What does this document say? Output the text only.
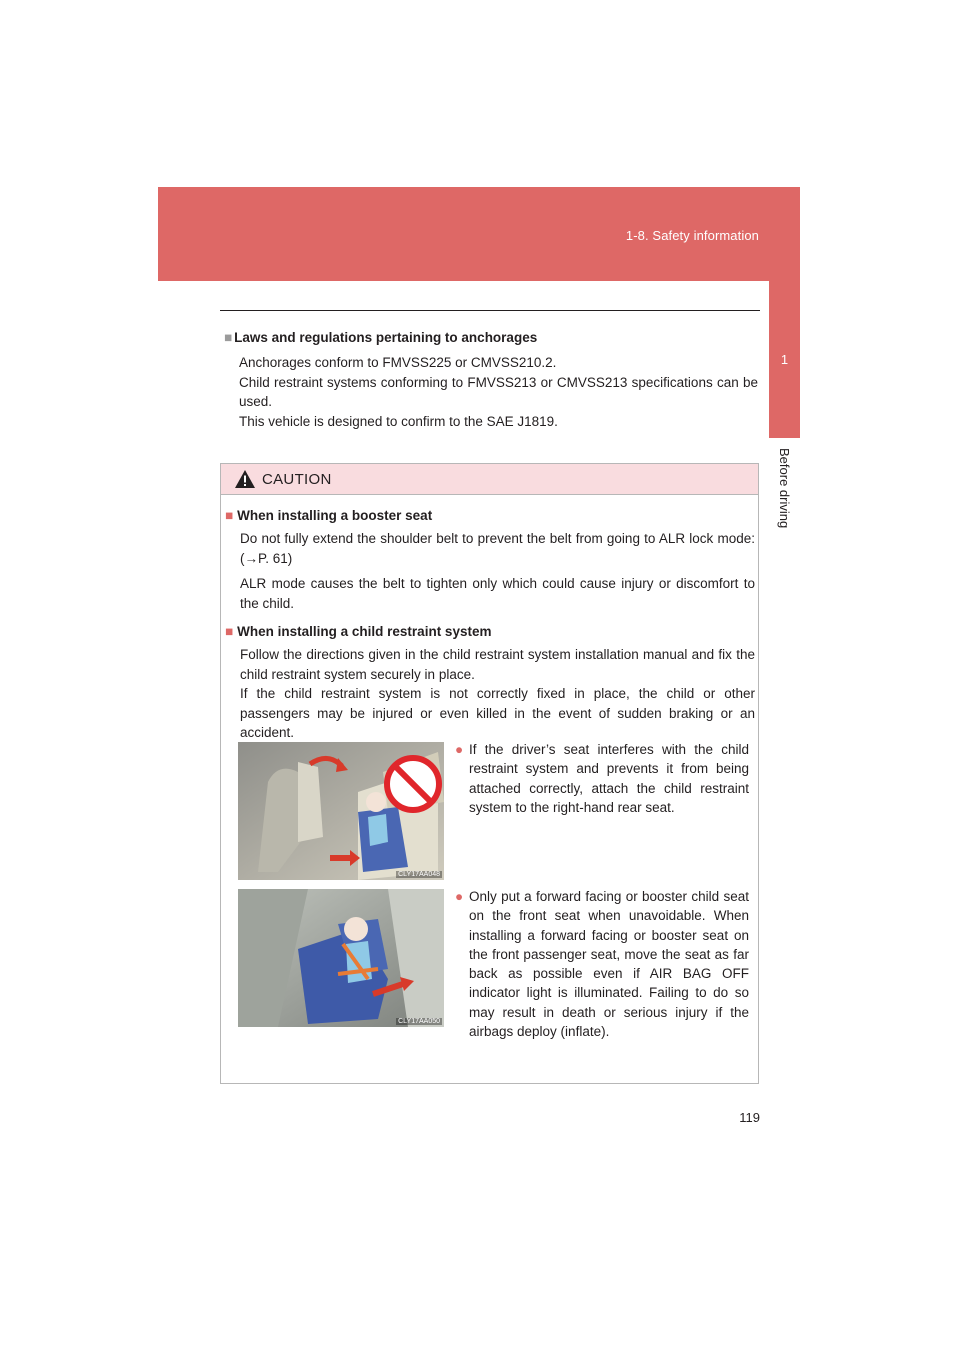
1-8. Safety information
1
Before driving
■ Laws and regulations pertaining to anchorages

Anchorages conform to FMVSS225 or CMVSS210.2.

Child restraint systems conforming to FMVSS213 or CMVSS213 specifications can be used.

This vehicle is designed to confirm to the SAE J1819.

CAUTION
■ When installing a booster seat

Do not fully extend the shoulder belt to prevent the belt from going to ALR lock mode: (→P. 61)

ALR mode causes the belt to tighten only which could cause injury or discomfort to the child.

■ When installing a child restraint system

Follow the directions given in the child restraint system installation manual and fix the child restraint system securely in place.

If the child restraint system is not correctly fixed in place, the child or other passengers may be injured or even killed in the event of sudden braking or an accident.

CLY17AA048
● If the driver’s seat interferes with the child restraint system and prevents it from being attached correctly, attach the child restraint system to the right-hand rear seat.
CLY17AA050
● Only put a forward facing or booster child seat on the front seat when unavoidable. When installing a forward facing or booster seat on the front passenger seat, move the seat as far back as possible even if AIR BAG OFF indicator light is illuminated. Failing to do so may result in death or serious injury if the airbags deploy (inflate).
119
